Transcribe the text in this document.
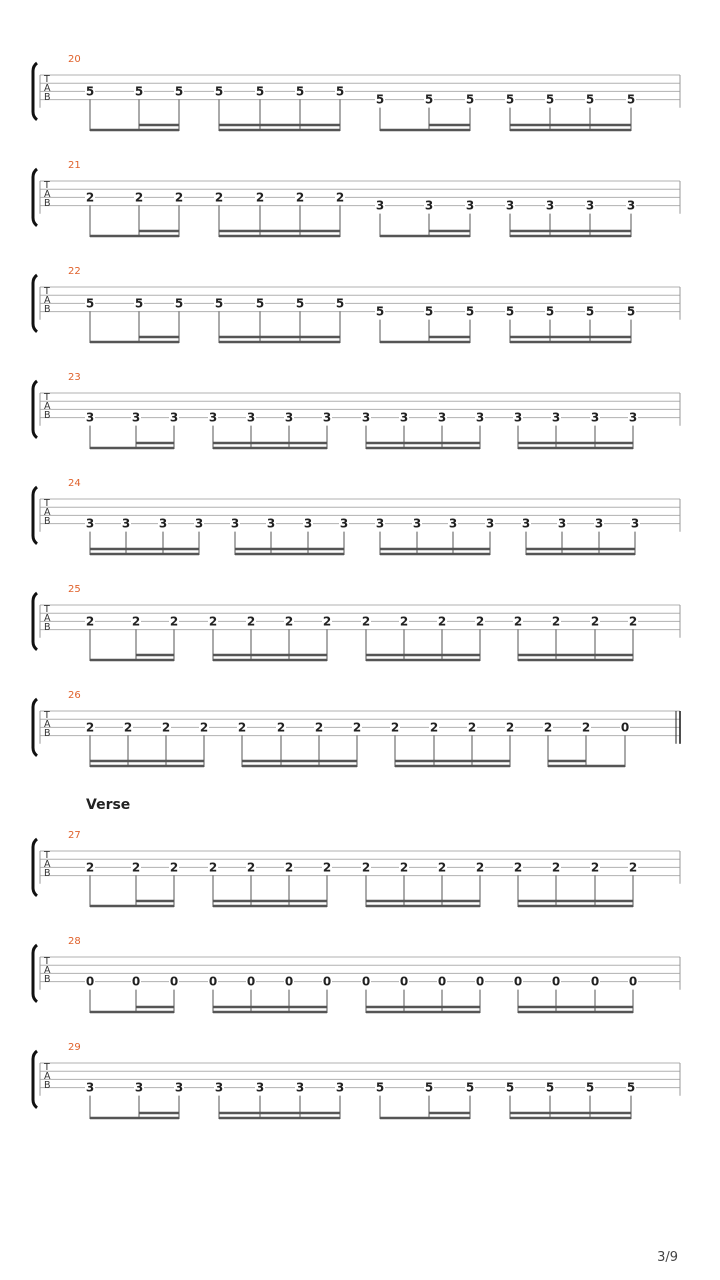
20
T
A
B	5	5	5	5	5	5	5
5	5	5	5	5	5	5
21
T
A
B	2	2	2	2	2	2	2
3	3	3	3	3	3	3
22
T
A
B	5	5	5	5	5	5	5
5	5	5	5	5	5	5
23
T
A
B	3	3 3	3 3 3 3	3 3 3 3 3 3	3 3
24
T
A
B	3 3 3 3 3 3 3 3 3 3 3 3 3 3 3 3
25
T
A
B	2	2 2	2 2 2 2	2 2 2 2 2 2	2 2
26
T
A
B	2 2 2 2 2	2 2 2 2	2 2 2 2 2	0
Verse
27
T
A
B	2	2 2	2 2 2 2	2 2 2 2 2 2	2 2
28
T
A
B	0	0 0	0 0 0 0	0 0 0 0 0 0	0 0
29
T
A
B	3	3	3	3	3	3	3	5	5	5	5	5	5	5
3/9
